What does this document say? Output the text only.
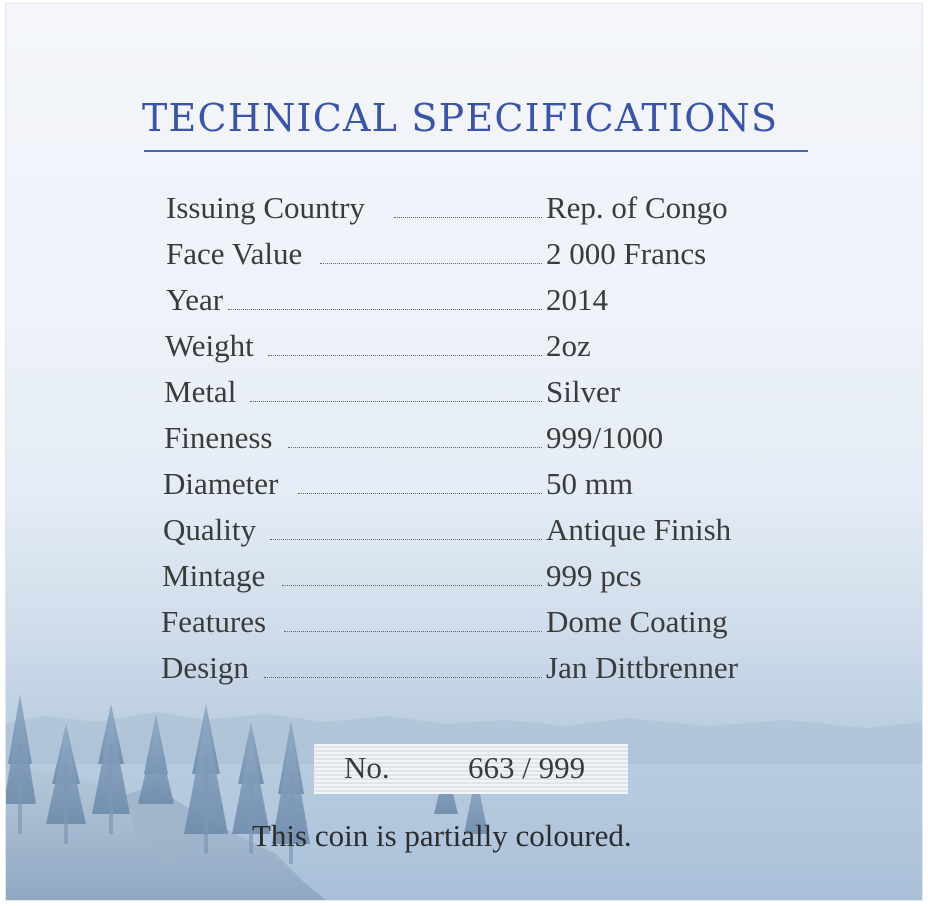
TECHNICAL SPECIFICATIONS
Issuing Country	Rep. of Congo
Face Value	2 000 Francs
Year	2014
Weight	2oz
Metal	Silver
Fineness	999/1000
Diameter	50 mm
Quality	Antique Finish
Mintage	999 pcs
Features	Dome Coating
Design	Jan Dittbrenner
No.	663 / 999
This coin is partially coloured.
